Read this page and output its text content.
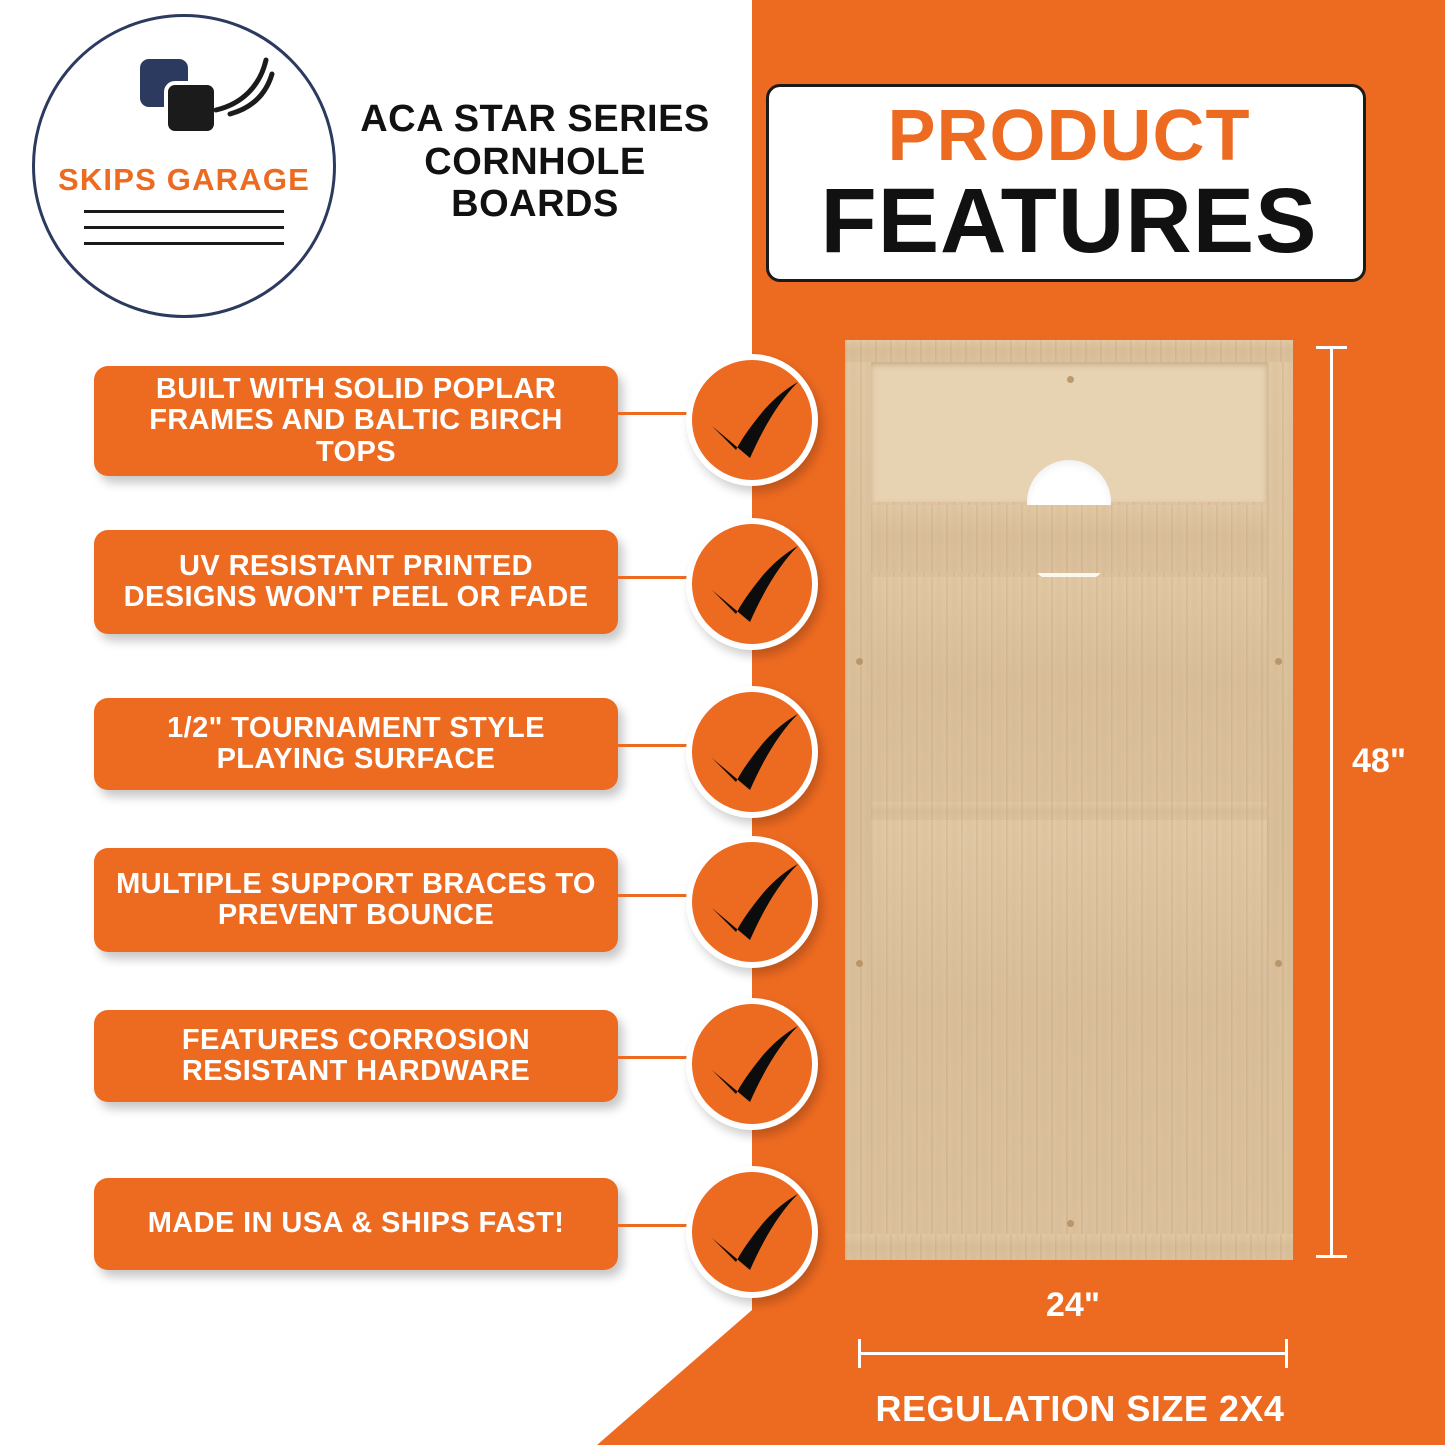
SKIPS GARAGE
ACA STAR SERIES CORNHOLE BOARDS
PRODUCT
FEATURES
BUILT WITH SOLID POPLAR FRAMES AND BALTIC BIRCH TOPS
UV RESISTANT PRINTED DESIGNS WON'T PEEL OR FADE
1/2" TOURNAMENT STYLE PLAYING SURFACE
MULTIPLE SUPPORT BRACES TO PREVENT BOUNCE
FEATURES CORROSION RESISTANT HARDWARE
MADE IN USA & SHIPS FAST!
48"
24"
REGULATION SIZE 2X4
